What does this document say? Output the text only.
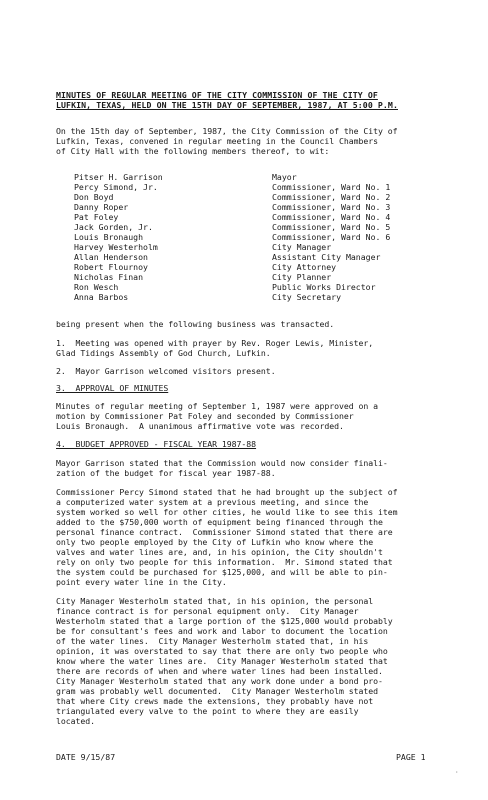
MINUTES OF REGULAR MEETING OF THE CITY COMMISSION OF THE CITY OF
LUFKIN, TEXAS, HELD ON THE 15TH DAY OF SEPTEMBER, 1987, AT 5:00 P.M.
On the 15th day of September, 1987, the City Commission of the City of
Lufkin, Texas, convened in regular meeting in the Council Chambers
of City Hall with the following members thereof, to wit:
Pitser H. Garrison	Mayor
Percy Simond, Jr.	Commissioner, Ward No. 1
Don Boyd	Commissioner, Ward No. 2
Danny Roper	Commissioner, Ward No. 3
Pat Foley	Commissioner, Ward No. 4
Jack Gorden, Jr.	Commissioner, Ward No. 5
Louis Bronaugh	Commissioner, Ward No. 6
Harvey Westerholm	City Manager
Allan Henderson	Assistant City Manager
Robert Flournoy	City Attorney
Nicholas Finan	City Planner
Ron Wesch	Public Works Director
Anna Barbos	City Secretary
being present when the following business was transacted.
1.  Meeting was opened with prayer by Rev. Roger Lewis, Minister,
Glad Tidings Assembly of God Church, Lufkin.
2.  Mayor Garrison welcomed visitors present.
3.  APPROVAL OF MINUTES
Minutes of regular meeting of September 1, 1987 were approved on a
motion by Commissioner Pat Foley and seconded by Commissioner
Louis Bronaugh.  A unanimous affirmative vote was recorded.
4.  BUDGET APPROVED - FISCAL YEAR 1987-88
Mayor Garrison stated that the Commission would now consider finali-
zation of the budget for fiscal year 1987-88.
Commissioner Percy Simond stated that he had brought up the subject of
a computerized water system at a previous meeting, and since the
system worked so well for other cities, he would like to see this item
added to the $750,000 worth of equipment being financed through the
personal finance contract.  Commissioner Simond stated that there are
only two people employed by the City of Lufkin who know where the
valves and water lines are, and, in his opinion, the City shouldn't
rely on only two people for this information.  Mr. Simond stated that
the system could be purchased for $125,000, and will be able to pin-
point every water line in the City.
City Manager Westerholm stated that, in his opinion, the personal
finance contract is for personal equipment only.  City Manager
Westerholm stated that a large portion of the $125,000 would probably
be for consultant's fees and work and labor to document the location
of the water lines.  City Manager Westerholm stated that, in his
opinion, it was overstated to say that there are only two people who
know where the water lines are.  City Manager Westerholm stated that
there are records of when and where water lines had been installed.
City Manager Westerholm stated that any work done under a bond pro-
gram was probably well documented.  City Manager Westerholm stated
that where City crews made the extensions, they probably have not
triangulated every valve to the point to where they are easily
located.
DATE 9/15/87	PAGE 1
·
